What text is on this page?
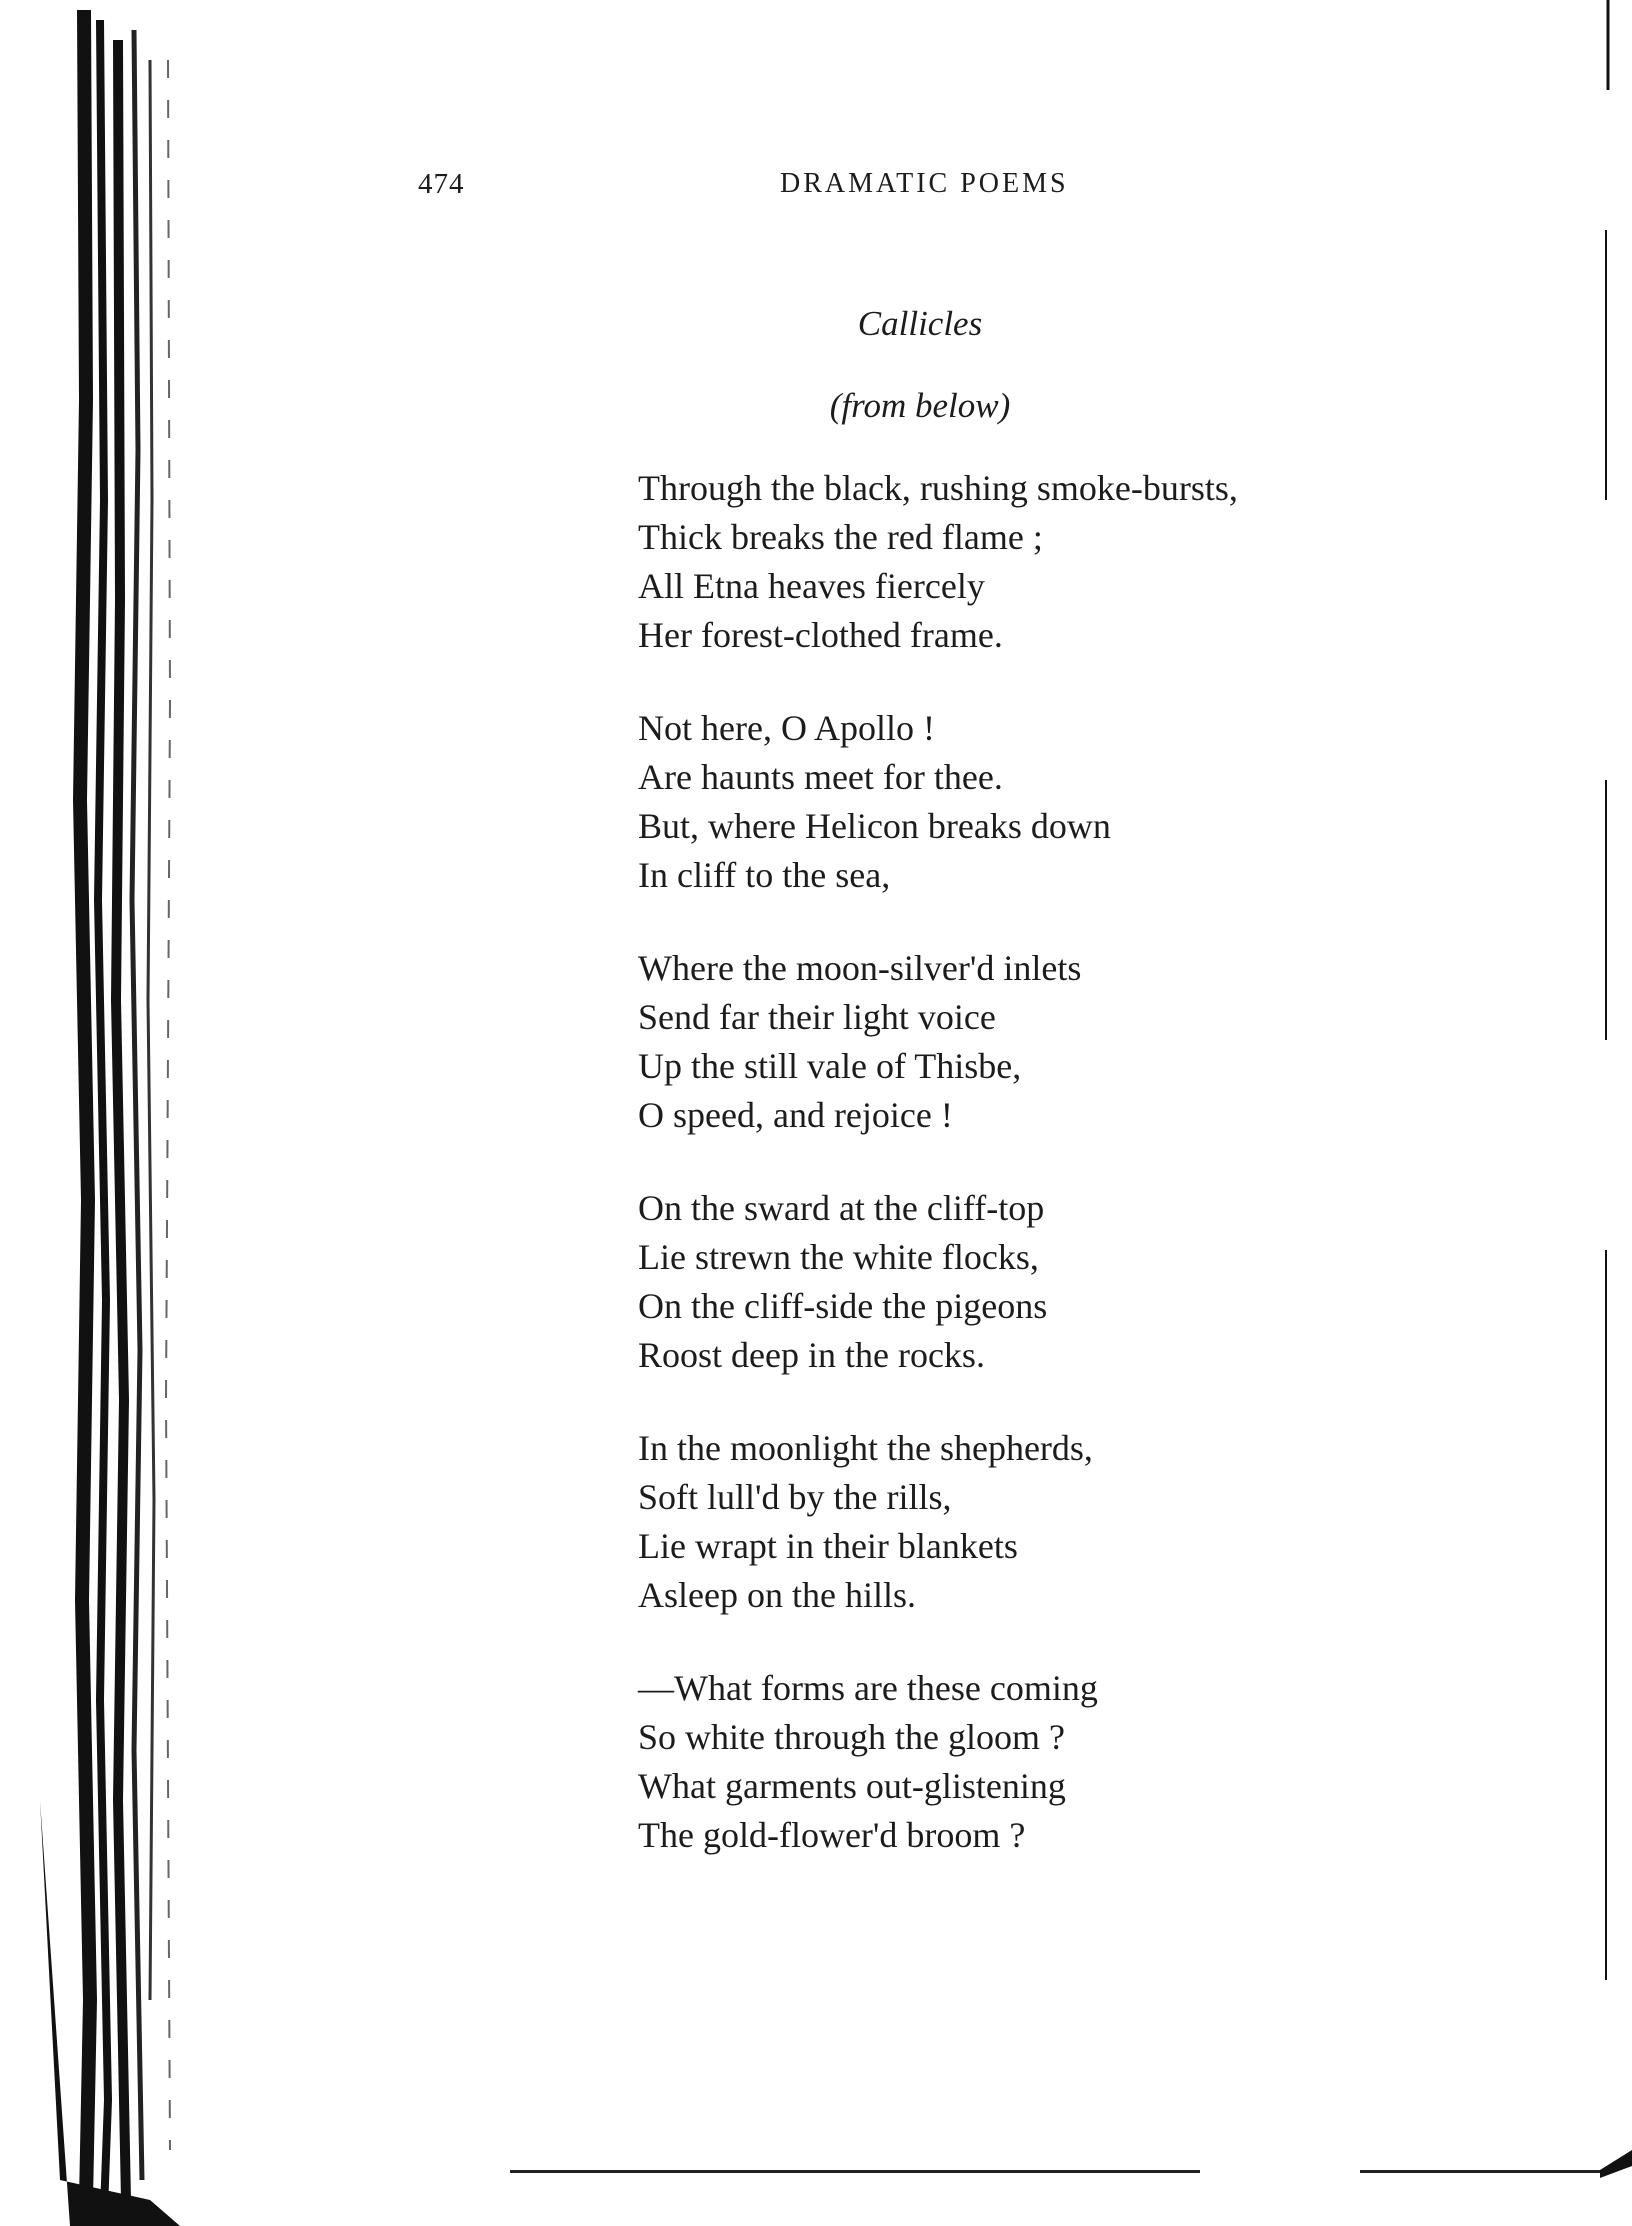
474	DRAMATIC POEMS
Callicles
(from below)
Through the black, rushing smoke-bursts,
Thick breaks the red flame ;
All Etna heaves fiercely
Her forest-clothed frame.
Not here, O Apollo !
Are haunts meet for thee.
But, where Helicon breaks down
In cliff to the sea,
Where the moon-silver'd inlets
Send far their light voice
Up the still vale of Thisbe,
O speed, and rejoice !
On the sward at the cliff-top
Lie strewn the white flocks,
On the cliff-side the pigeons
Roost deep in the rocks.
In the moonlight the shepherds,
Soft lull'd by the rills,
Lie wrapt in their blankets
Asleep on the hills.
—What forms are these coming
So white through the gloom ?
What garments out-glistening
The gold-flower'd broom ?
